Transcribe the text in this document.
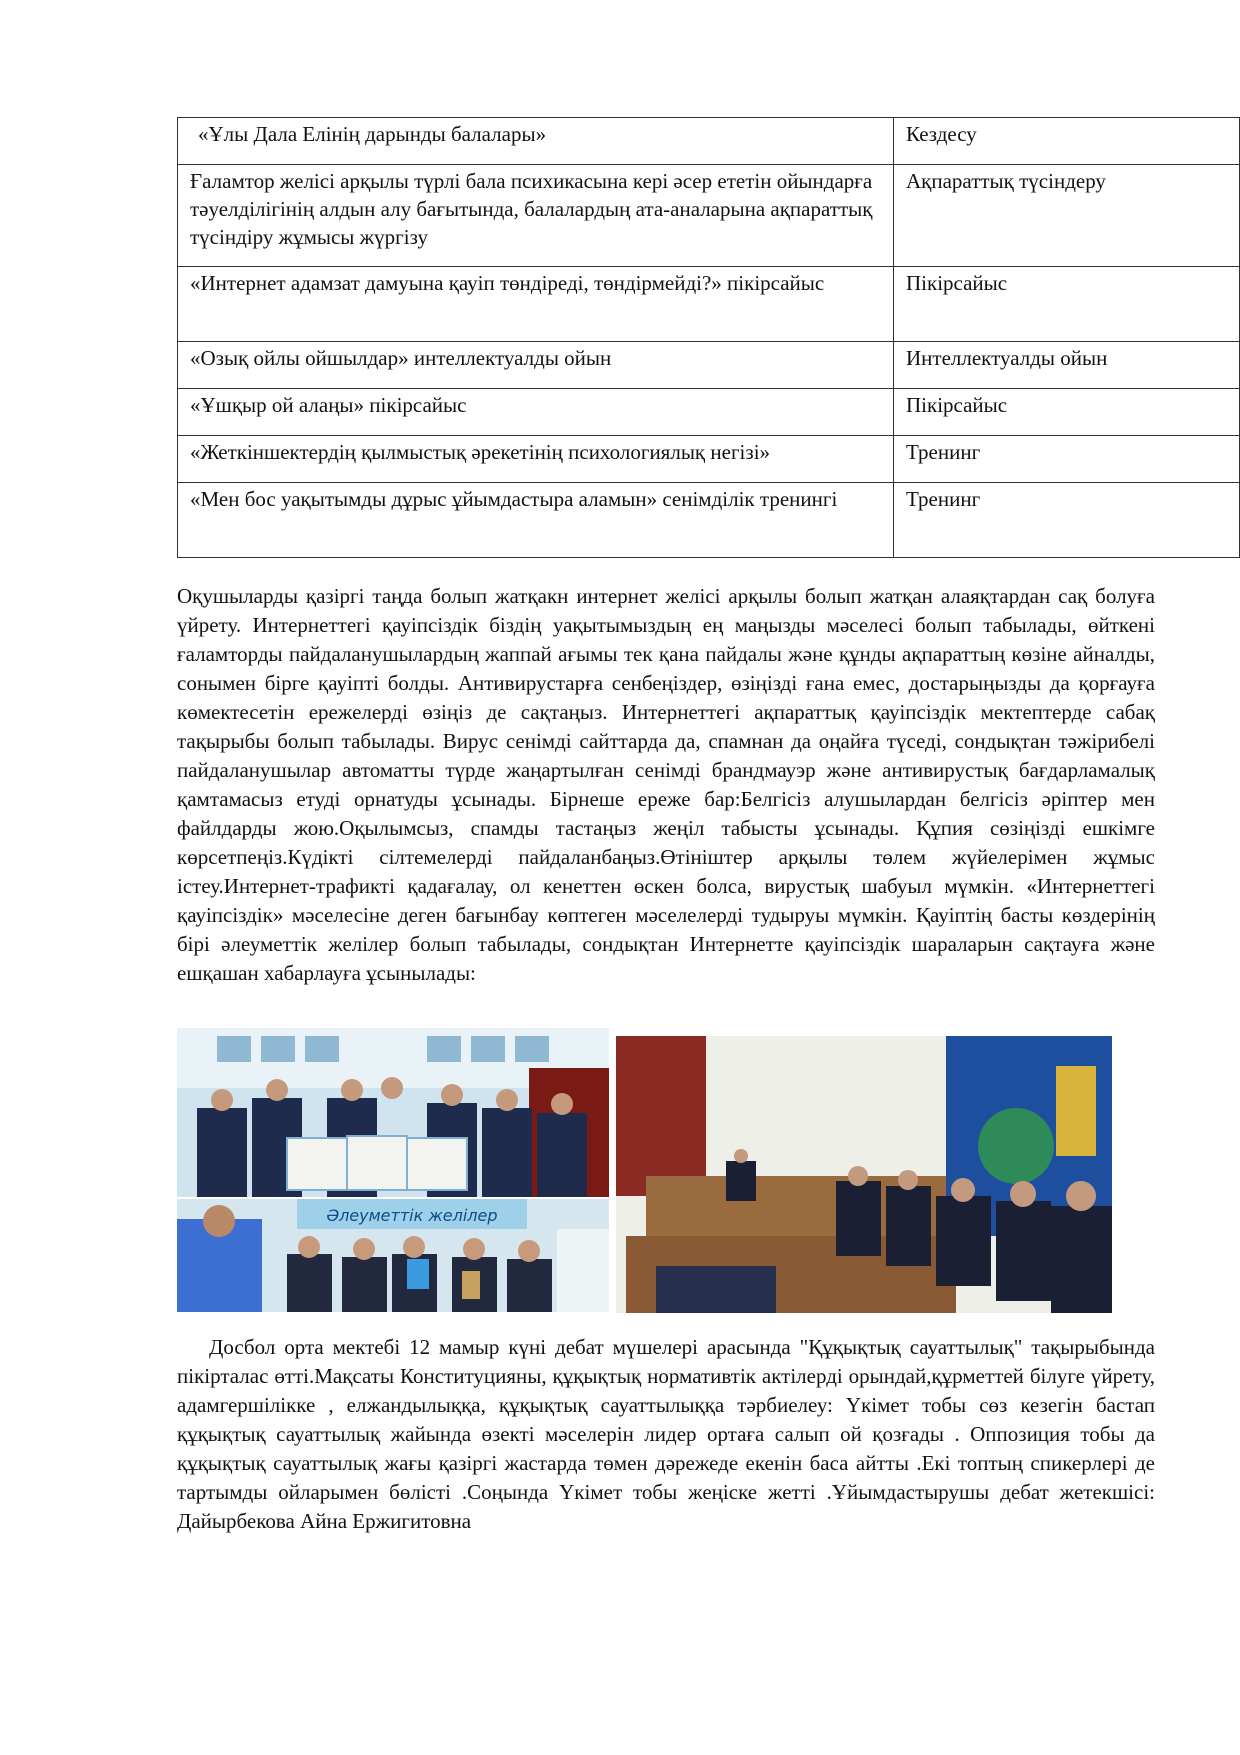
«Ұлы Дала Елінің дарынды балалары»	Кездесу
Ғаламтор желісі арқылы түрлі бала психикасына кері әсер ететін ойындарға тәуелділігінің алдын алу бағытында, балалардың ата-аналарына ақпараттық түсіндіру жұмысы жүргізу	Ақпараттық түсіндеру
«Интернет адамзат дамуына қауіп төндіреді, төндірмейді?» пікірсайыс	Пікірсайыс
«Озық ойлы ойшылдар» интеллектуалды ойын	Интеллектуалды ойын
«Ұшқыр ой алаңы» пікірсайыс	Пікірсайыс
«Жеткіншектердің қылмыстық әрекетінің психологиялық негізі»	Тренинг
«Мен бос уақытымды дұрыс ұйымдастыра аламын» сенімділік тренингі	Тренинг

Оқушыларды қазіргі таңда болып жатқакн интернет желісі арқылы болып жатқан алаяқтардан сақ болуға үйрету. Интернеттегі қауіпсіздік біздің уақытымыздың ең маңызды мәселесі болып табылады, өйткені ғаламторды пайдаланушылардың жаппай ағымы тек қана пайдалы және құнды ақпараттың көзіне айналды, сонымен бірге қауіпті болды. Антивирустарға сенбеңіздер, өзіңізді ғана емес, достарыңызды да қорғауға көмектесетін ережелерді өзіңіз де сақтаңыз. Интернеттегі ақпараттық қауіпсіздік мектептерде сабақ тақырыбы болып табылады. Вирус сенімді сайттарда да, спамнан да оңайға түседі, сондықтан тәжірибелі пайдаланушылар автоматты түрде жаңартылған сенімді брандмауэр және антивирустық бағдарламалық қамтамасыз етуді орнатуды ұсынады. Бірнеше ереже бар:Белгісіз алушылардан белгісіз әріптер мен файлдарды жою.Оқылымсыз, спамды тастаңыз жеңіл табысты ұсынады. Құпия сөзіңізді ешкімге көрсетпеңіз.Күдікті сілтемелерді пайдаланбаңыз.Өтініштер арқылы төлем жүйелерімен жұмыс істеу.Интернет-трафикті қадағалау, ол кенеттен өскен болса, вирустық шабуыл мүмкін. «Интернеттегі қауіпсіздік» мәселесіне деген бағынбау көптеген мәселелерді тудыруы мүмкін. Қауіптің басты көздерінің бірі әлеуметтік желілер болып табылады, сондықтан Интернетте қауіпсіздік шараларын сақтауға және ешқашан хабарлауға ұсынылады:

Әлеуметтік желілер

Досбол орта мектебі 12 мамыр күні дебат мүшелері арасында "Құқықтық сауаттылық" тақырыбында пікірталас өтті.Мақсаты Конституцияны, құқықтық нормативтік актілерді орындай,құрметтей білуге үйрету, адамгершілікке , елжандылыққа, құқықтық сауаттылыққа тәрбиелеу: Үкімет тобы сөз кезегін бастап құқықтық сауаттылық жайында өзекті мәселерін лидер ортаға салып ой қозғады . Оппозиция тобы да құқықтық сауаттылық жағы қазіргі жастарда төмен дәрежеде екенін баса айтты .Екі топтың спикерлері де тартымды ойларымен бөлісті .Соңында Үкімет тобы жеңіске жетті .Ұйымдастырушы дебат жетекшісі: Дайырбекова Айна Ержигитовна
